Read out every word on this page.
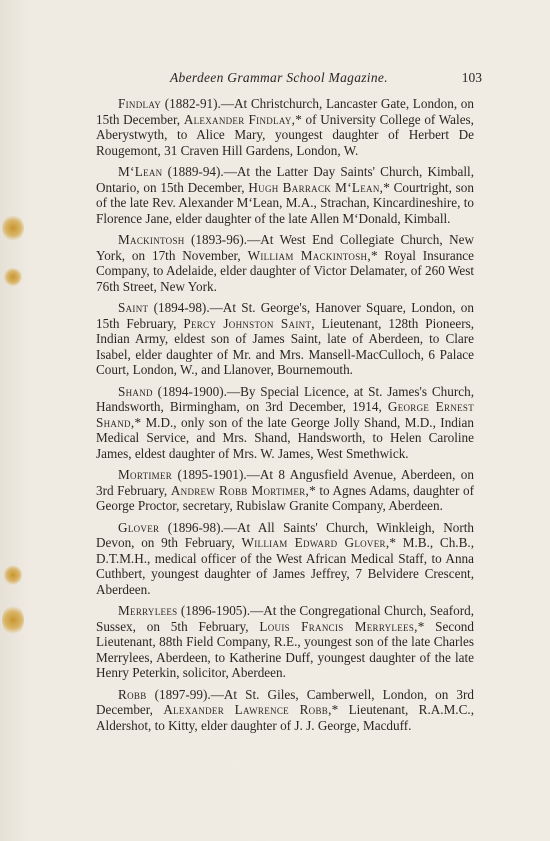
Aberdeen Grammar School Magazine.	103

Findlay (1882-91).—At Christchurch, Lancaster Gate, London, on 15th December, Alexander Findlay,* of University College of Wales, Aberystwyth, to Alice Mary, youngest daughter of Herbert De Rougemont, 31 Craven Hill Gardens, London, W.

M‘Lean (1889-94).—At the Latter Day Saints' Church, Kimball, Ontario, on 15th December, Hugh Barrack M‘Lean,* Courtright, son of the late Rev. Alexander M‘Lean, M.A., Strachan, Kincardineshire, to Florence Jane, elder daughter of the late Allen M‘Donald, Kimball.

Mackintosh (1893-96).—At West End Collegiate Church, New York, on 17th November, William Mackintosh,* Royal Insurance Company, to Adelaide, elder daughter of Victor Delamater, of 260 West 76th Street, New York.

Saint (1894-98).—At St. George's, Hanover Square, London, on 15th February, Percy Johnston Saint, Lieutenant, 128th Pioneers, Indian Army, eldest son of James Saint, late of Aberdeen, to Clare Isabel, elder daughter of Mr. and Mrs. Mansell-MacCulloch, 6 Palace Court, London, W., and Llanover, Bournemouth.

Shand (1894-1900).—By Special Licence, at St. James's Church, Handsworth, Birmingham, on 3rd December, 1914, George Ernest Shand,* M.D., only son of the late George Jolly Shand, M.D., Indian Medical Service, and Mrs. Shand, Handsworth, to Helen Caroline James, eldest daughter of Mrs. W. James, West Smethwick.

Mortimer (1895-1901).—At 8 Angusfield Avenue, Aberdeen, on 3rd February, Andrew Robb Mortimer,* to Agnes Adams, daughter of George Proctor, secretary, Rubislaw Granite Company, Aberdeen.

Glover (1896-98).—At All Saints' Church, Winkleigh, North Devon, on 9th February, William Edward Glover,* M.B., Ch.B., D.T.M.H., medical officer of the West African Medical Staff, to Anna Cuthbert, youngest daughter of James Jeffrey, 7 Belvidere Crescent, Aberdeen.

Merrylees (1896-1905).—At the Congregational Church, Seaford, Sussex, on 5th February, Louis Francis Merrylees,* Second Lieutenant, 88th Field Company, R.E., youngest son of the late Charles Merrylees, Aberdeen, to Katherine Duff, youngest daughter of the late Henry Peterkin, solicitor, Aberdeen.

Robb (1897-99).—At St. Giles, Camberwell, London, on 3rd December, Alexander Lawrence Robb,* Lieutenant, R.A.M.C., Aldershot, to Kitty, elder daughter of J. J. George, Macduff.
